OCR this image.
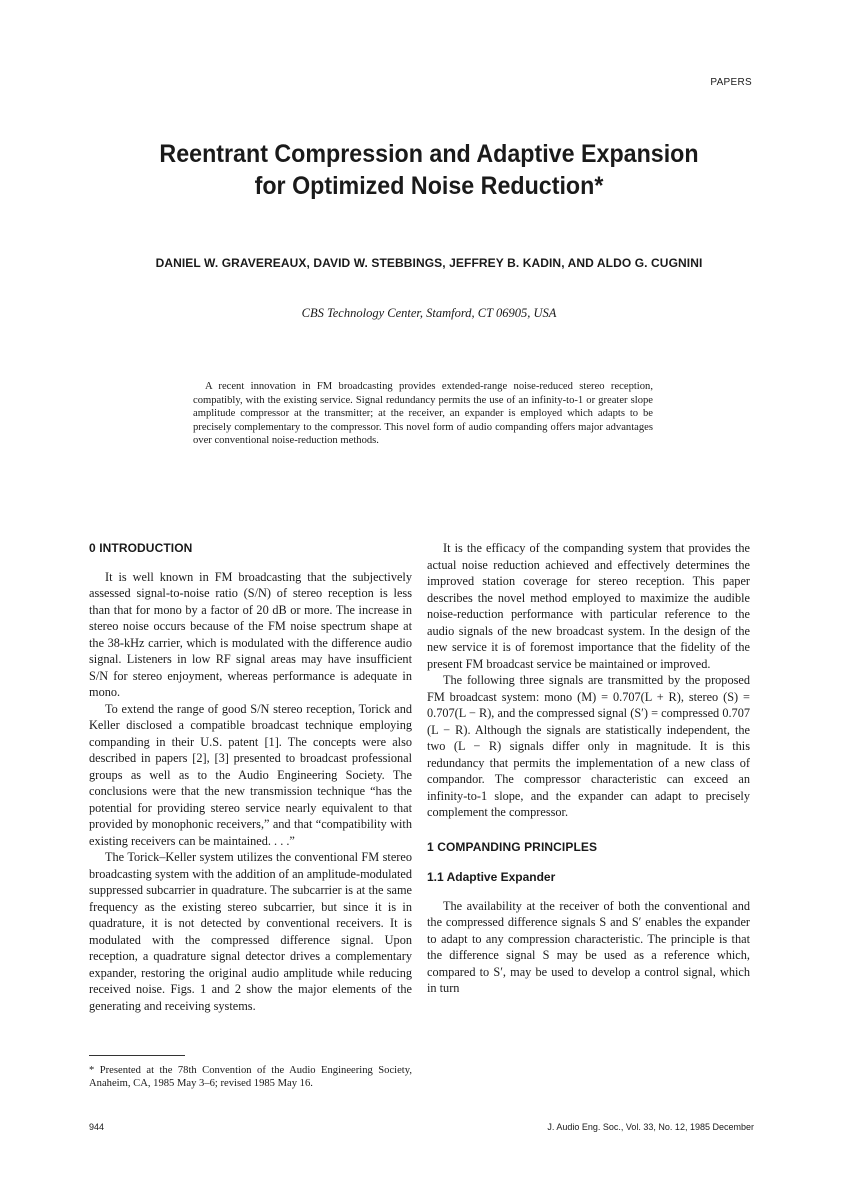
PAPERS
Reentrant Compression and Adaptive Expansion
for Optimized Noise Reduction*
DANIEL W. GRAVEREAUX, DAVID W. STEBBINGS, JEFFREY B. KADIN, AND ALDO G. CUGNINI
CBS Technology Center, Stamford, CT 06905, USA

A recent innovation in FM broadcasting provides extended-range noise-reduced stereo reception, compatibly, with the existing service. Signal redundancy permits the use of an infinity-to-1 or greater slope amplitude compressor at the transmitter; at the receiver, an expander is employed which adapts to be precisely complementary to the compressor. This novel form of audio companding offers major advantages over conventional noise-reduction methods.

0 INTRODUCTION

It is well known in FM broadcasting that the subjectively assessed signal-to-noise ratio (S/N) of stereo reception is less than that for mono by a factor of 20 dB or more. The increase in stereo noise occurs because of the FM noise spectrum shape at the 38-kHz carrier, which is modulated with the difference audio signal. Listeners in low RF signal areas may have insufficient S/N for stereo enjoyment, whereas performance is adequate in mono.

To extend the range of good S/N stereo reception, Torick and Keller disclosed a compatible broadcast technique employing companding in their U.S. patent [1]. The concepts were also described in papers [2], [3] presented to broadcast professional groups as well as to the Audio Engineering Society. The conclusions were that the new transmission technique “has the potential for providing stereo service nearly equivalent to that provided by monophonic receivers,” and that “compatibility with existing receivers can be maintained. . . .”

The Torick–Keller system utilizes the conventional FM stereo broadcasting system with the addition of an amplitude-modulated suppressed subcarrier in quadrature. The subcarrier is at the same frequency as the existing stereo subcarrier, but since it is in quadrature, it is not detected by conventional receivers. It is modulated with the compressed difference signal. Upon reception, a quadrature signal detector drives a complementary expander, restoring the original audio amplitude while reducing received noise. Figs. 1 and 2 show the major elements of the generating and receiving systems.

It is the efficacy of the companding system that provides the actual noise reduction achieved and effectively determines the improved station coverage for stereo reception. This paper describes the novel method employed to maximize the audible noise-reduction performance with particular reference to the audio signals of the new broadcast system. In the design of the new service it is of foremost importance that the fidelity of the present FM broadcast service be maintained or improved.

The following three signals are transmitted by the proposed FM broadcast system: mono (M) = 0.707(L + R), stereo (S) = 0.707(L − R), and the compressed signal (S′) = compressed 0.707 (L − R). Although the signals are statistically independent, the two (L − R) signals differ only in magnitude. It is this redundancy that permits the implementation of a new class of compandor. The compressor characteristic can exceed an infinity-to-1 slope, and the expander can adapt to precisely complement the compressor.

1 COMPANDING PRINCIPLES
1.1 Adaptive Expander

The availability at the receiver of both the conventional and the compressed difference signals S and S′ enables the expander to adapt to any compression characteristic. The principle is that the difference signal S may be used as a reference which, compared to S′, may be used to develop a control signal, which in turn

* Presented at the 78th Convention of the Audio Engineering Society, Anaheim, CA, 1985 May 3–6; revised 1985 May 16.
944	J. Audio Eng. Soc., Vol. 33, No. 12, 1985 December
